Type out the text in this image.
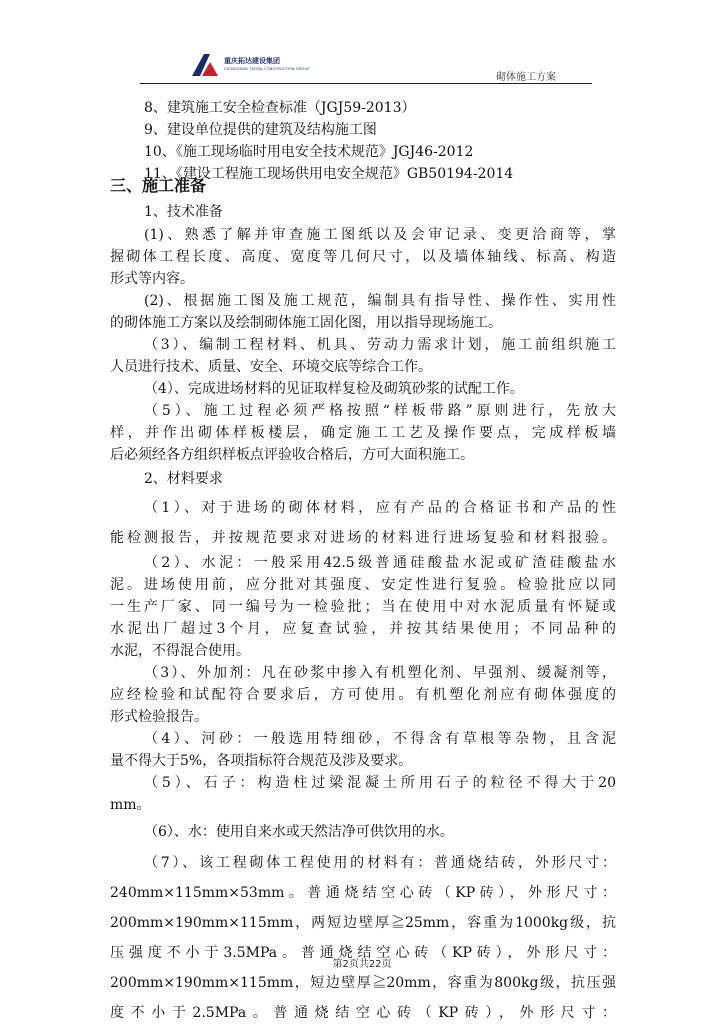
重庆拓达建设集团
CHONGQING TUODA CONSTRUCTION GROUP
砌体施工方案
8、建筑施工安全检查标准（JGJ59-2013）
9、建设单位提供的建筑及结构施工图
10、《施工现场临时用电安全技术规范》JGJ46-2012
11、《建设工程施工现场供用电安全规范》GB50194-2014
三、施工准备
1、技术准备
(1)、熟悉了解并审查施工图纸以及会审记录、变更洽商等，掌
握砌体工程长度、高度、宽度等几何尺寸，以及墙体轴线、标高、构造
形式等内容。
(2)、根据施工图及施工规范，编制具有指导性、操作性、实用性
的砌体施工方案以及绘制砌体施工固化图，用以指导现场施工。
（3）、编制工程材料、机具、劳动力需求计划，施工前组织施工
人员进行技术、质量、安全、环境交底等综合工作。
（4）、完成进场材料的见证取样复检及砌筑砂浆的试配工作。
（5）、施工过程必须严格按照“样板带路”原则进行，先放大
样，并作出砌体样板楼层，确定施工工艺及操作要点，完成样板墙
后必须经各方组织样板点评验收合格后，方可大面积施工。
2、材料要求
（1）、对于进场的砌体材料，应有产品的合格证书和产品的性
能检测报告，并按规范要求对进场的材料进行进场复验和材料报验。
（2）、水泥：一般采用42.5级普通硅酸盐水泥或矿渣硅酸盐水
泥。进场使用前，应分批对其强度、安定性进行复验。检验批应以同
一生产厂家、同一编号为一检验批；当在使用中对水泥质量有怀疑或
水泥出厂超过3个月，应复查试验，并按其结果使用；不同品种的
水泥，不得混合使用。
（3）、外加剂：凡在砂浆中掺入有机塑化剂、早强剂、缓凝剂等，
应经检验和试配符合要求后，方可使用。有机塑化剂应有砌体强度的
形式检验报告。
（4）、河砂：一般选用特细砂，不得含有草根等杂物，且含泥
量不得大于5%，各项指标符合规范及涉及要求。
（5）、石子：构造柱过梁混凝土所用石子的粒径不得大于20
mm。
（6）、水：使用自来水或天然洁净可供饮用的水。
（7）、该工程砌体工程使用的材料有：普通烧结砖，外形尺寸：
240mm×115mm×53mm。普通烧结空心砖（KP砖），外形尺寸：
200mm×190mm×115mm，两短边壁厚≧25mm，容重为1000kg级，抗
压强度不小于3.5MPa。普通烧结空心砖（KP砖），外形尺寸：
200mm×190mm×115mm，短边壁厚≧20mm，容重为800kg级，抗压强
度不小于2.5MPa。普通烧结空心砖（KP砖），外形尺寸：
第2页共22页
